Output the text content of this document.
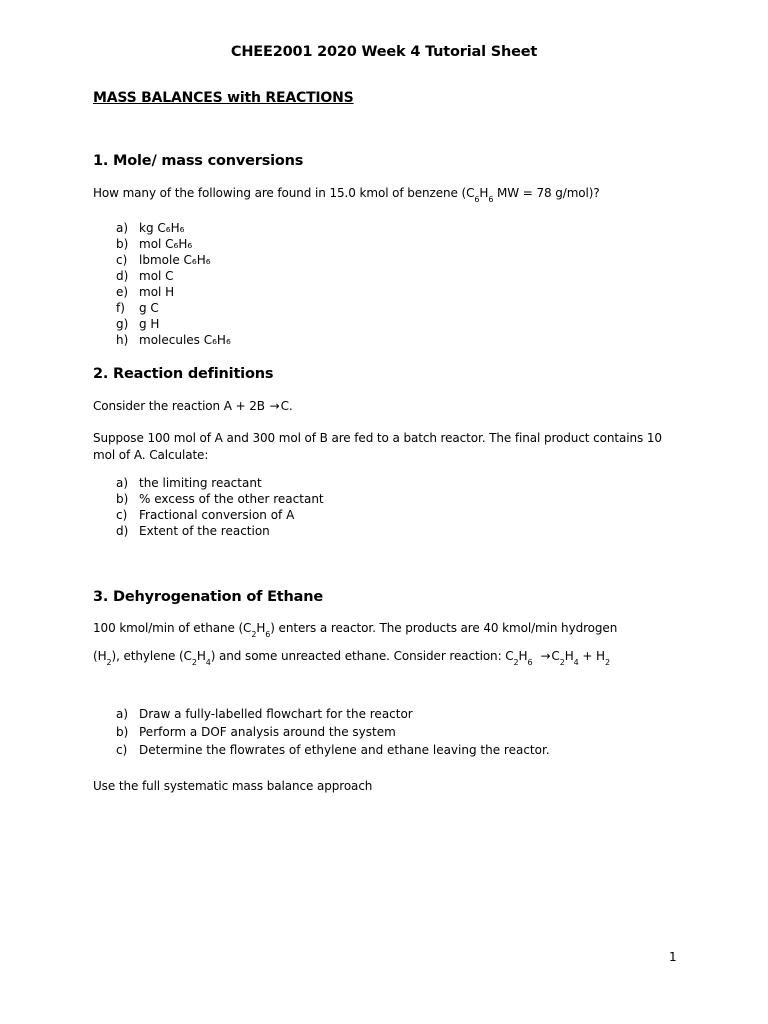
CHEE2001 2020 Week 4 Tutorial Sheet
MASS BALANCES with REACTIONS
1. Mole/ mass conversions
How many of the following are found in 15.0 kmol of benzene ($C_6H_6$ MW = 78 g/mol)?
a) kg C₆H₆
b) mol C₆H₆
c) lbmole C₆H₆
d) mol C
e) mol H
f) g C
g) g H
h) molecules C₆H₆
2. Reaction definitions
Consider the reaction A + 2B →C.
Suppose 100 mol of A and 300 mol of B are fed to a batch reactor. The final product contains 10 mol of A. Calculate:
a) the limiting reactant
b) % excess of the other reactant
c) Fractional conversion of A
d) Extent of the reaction
3. Dehyrogenation of Ethane
100 kmol/min of ethane $(C_2H_6)$ enters a reactor. The products are 40 kmol/min hydrogen
$(H_2)$, ethylene $(C_2H_4)$ and some unreacted ethane. Consider reaction: $C_2H_6 \to C_2H_4 + H_2$
a) Draw a fully-labelled flowchart for the reactor
b) Perform a DOF analysis around the system
c) Determine the flowrates of ethylene and ethane leaving the reactor.
Use the full systematic mass balance approach
1
